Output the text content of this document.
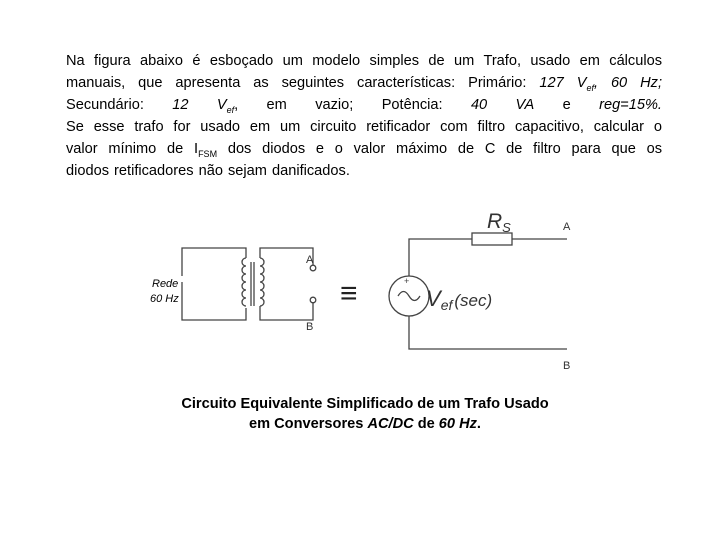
Na figura abaixo é esboçado um modelo simples de um Trafo, usado em cálculos
manuais, que apresenta as seguintes características: Primário: 127 $V_{ef}$, 60 Hz;
Secundário: 12 $V_{ef}$, em vazio; Potência: 40 VA e reg=15%.
Se esse trafo for usado em um circuito retificador com filtro capacitivo, calcular o
valor mínimo de $I_{FSM}$ dos diodos e o valor máximo de C de filtro para que os
diodos retificadores não sejam danificados.
Rede
60 Hz
A
B
≡	+
RS
Vef (sec)
A
B
Circuito Equivalente Simplificado de um Trafo Usado
em Conversores AC/DC de 60 Hz.
